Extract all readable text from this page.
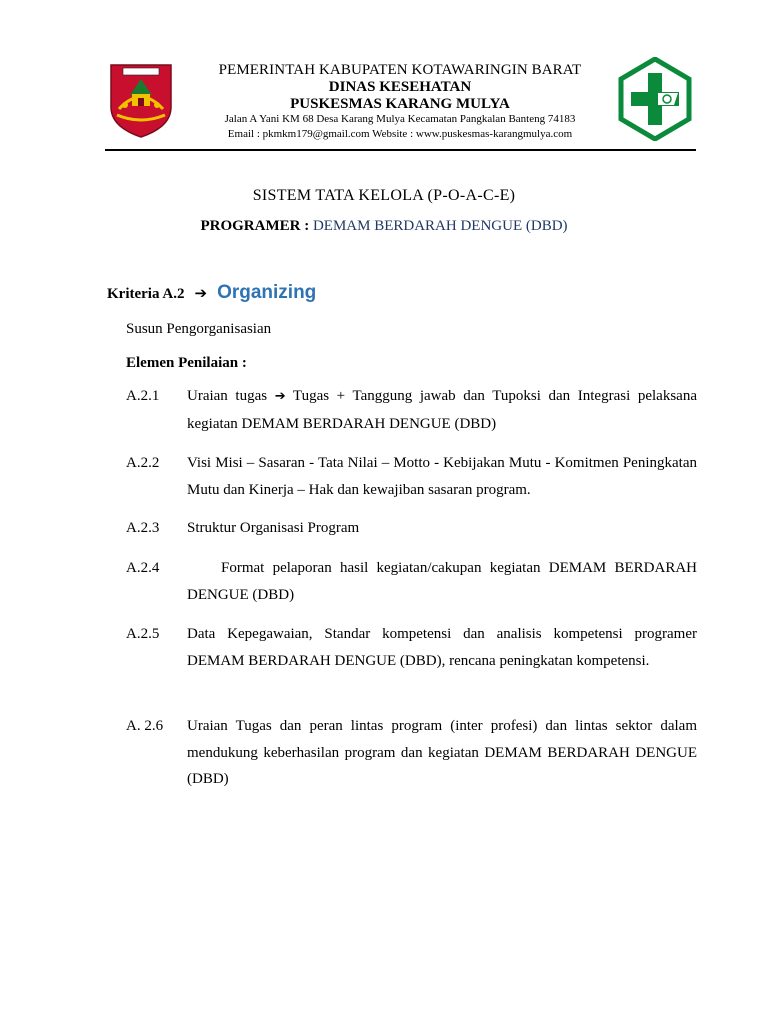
PEMERINTAH KABUPATEN KOTAWARINGIN BARAT
DINAS KESEHATAN
PUSKESMAS KARANG MULYA
Jalan A Yani KM 68 Desa Karang Mulya Kecamatan Pangkalan Banteng 74183
Email : pkmkm179@gmail.com Website : www.puskesmas-karangmulya.com
SISTEM TATA KELOLA (P-O-A-C-E)
PROGRAMER : DEMAM BERDARAH DENGUE (DBD)
Kriteria A.2 ➔ Organizing
Susun Pengorganisasian
Elemen Penilaian :
A.2.1 Uraian tugas ➔ Tugas + Tanggung jawab dan Tupoksi dan Integrasi pelaksana kegiatan DEMAM BERDARAH DENGUE (DBD)
A.2.2 Visi Misi – Sasaran - Tata Nilai – Motto - Kebijakan Mutu - Komitmen Peningkatan Mutu dan Kinerja – Hak dan kewajiban sasaran program.
A.2.3 Struktur Organisasi Program
A.2.4	Format pelaporan hasil kegiatan/cakupan kegiatan DEMAM BERDARAH DENGUE (DBD)
A.2.5 Data Kepegawaian, Standar kompetensi dan analisis kompetensi programer DEMAM BERDARAH DENGUE (DBD), rencana peningkatan kompetensi.
A. 2.6 Uraian Tugas dan peran lintas program (inter profesi) dan lintas sektor dalam mendukung keberhasilan program dan kegiatan DEMAM BERDARAH DENGUE (DBD)
